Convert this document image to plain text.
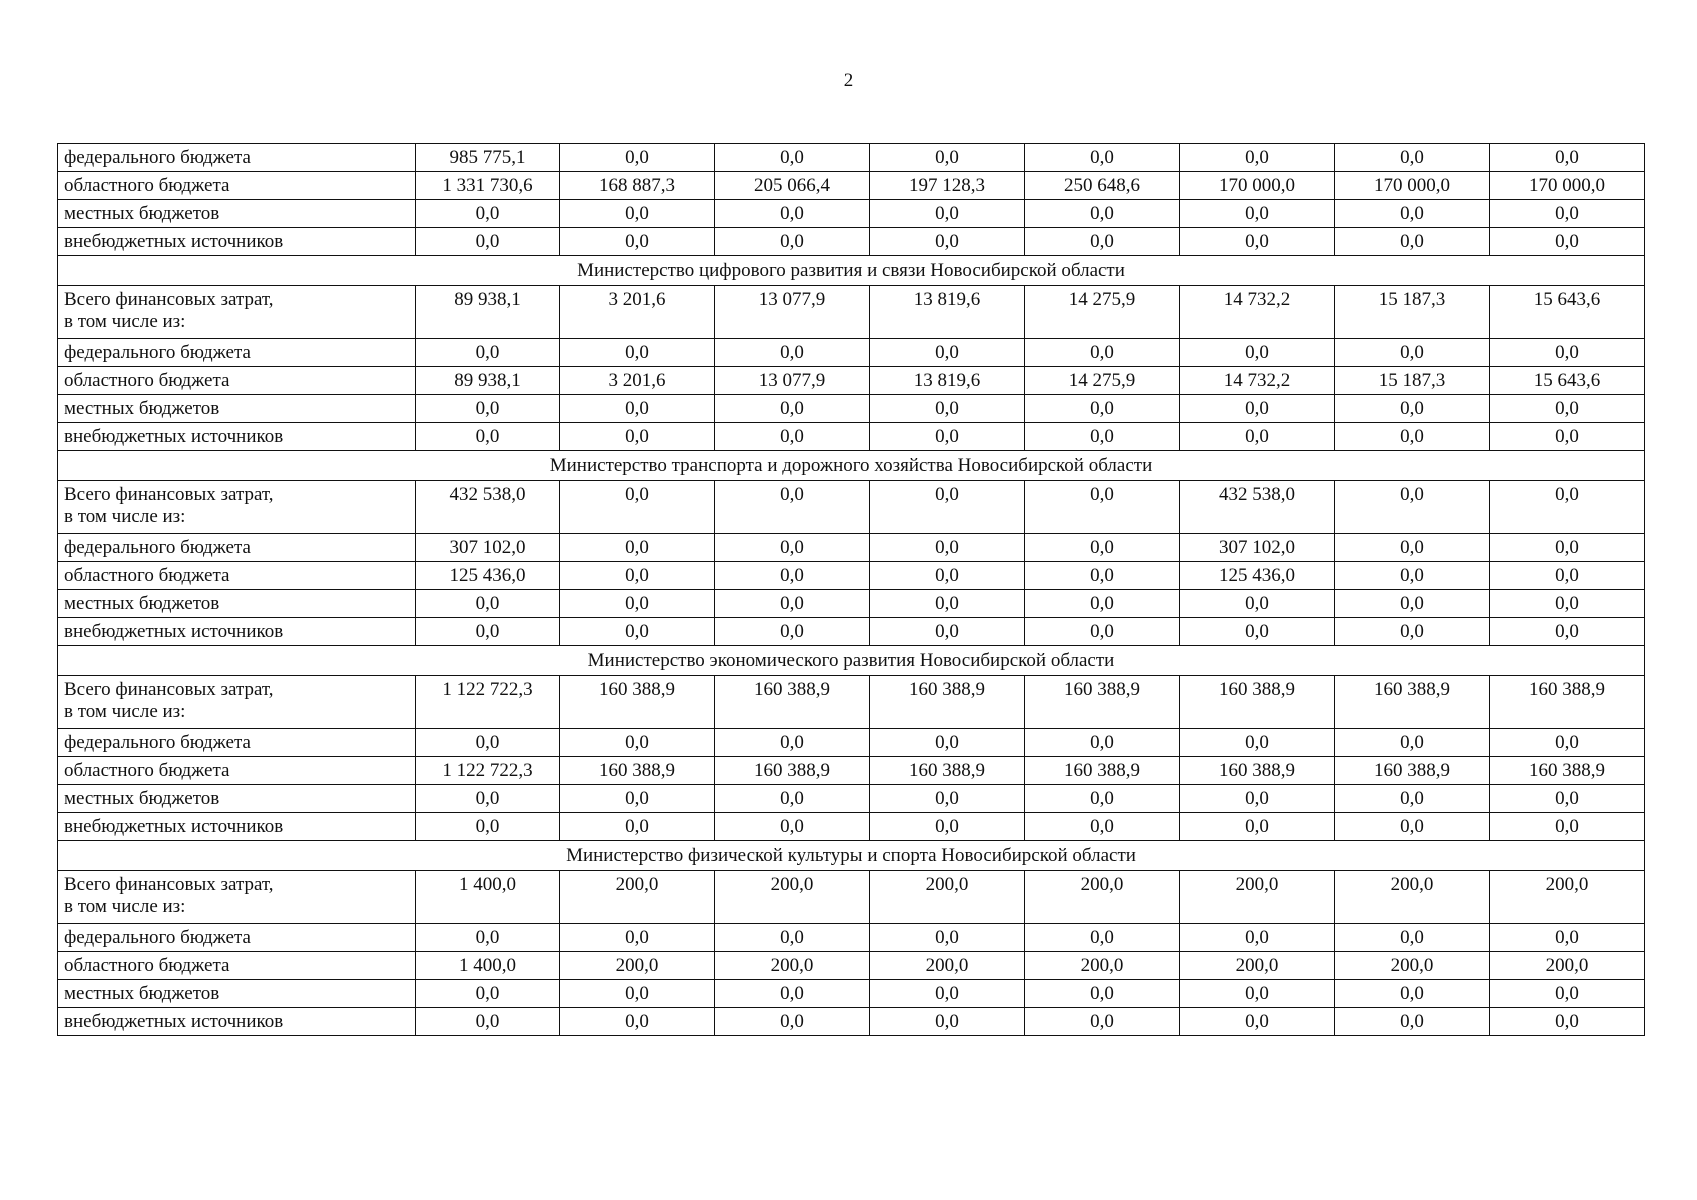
2
федерального бюджета	985 775,1	0,0	0,0	0,0	0,0	0,0	0,0	0,0
областного бюджета	1 331 730,6	168 887,3	205 066,4	197 128,3	250 648,6	170 000,0	170 000,0	170 000,0
местных бюджетов	0,0	0,0	0,0	0,0	0,0	0,0	0,0	0,0
внебюджетных источников	0,0	0,0	0,0	0,0	0,0	0,0	0,0	0,0
Министерство цифрового развития и связи Новосибирской области								

Всего финансовых затрат,
в том числе из:	89 938,1	3 201,6	13 077,9	13 819,6	14 275,9	14 732,2	15 187,3	15 643,6
федерального бюджета	0,0	0,0	0,0	0,0	0,0	0,0	0,0	0,0
областного бюджета	89 938,1	3 201,6	13 077,9	13 819,6	14 275,9	14 732,2	15 187,3	15 643,6
местных бюджетов	0,0	0,0	0,0	0,0	0,0	0,0	0,0	0,0
внебюджетных источников	0,0	0,0	0,0	0,0	0,0	0,0	0,0	0,0
Министерство транспорта и дорожного хозяйства Новосибирской области								

Всего финансовых затрат,
в том числе из:	432 538,0	0,0	0,0	0,0	0,0	432 538,0	0,0	0,0
федерального бюджета	307 102,0	0,0	0,0	0,0	0,0	307 102,0	0,0	0,0
областного бюджета	125 436,0	0,0	0,0	0,0	0,0	125 436,0	0,0	0,0
местных бюджетов	0,0	0,0	0,0	0,0	0,0	0,0	0,0	0,0
внебюджетных источников	0,0	0,0	0,0	0,0	0,0	0,0	0,0	0,0
Министерство экономического развития Новосибирской области								

Всего финансовых затрат,
в том числе из:	1 122 722,3	160 388,9	160 388,9	160 388,9	160 388,9	160 388,9	160 388,9	160 388,9
федерального бюджета	0,0	0,0	0,0	0,0	0,0	0,0	0,0	0,0
областного бюджета	1 122 722,3	160 388,9	160 388,9	160 388,9	160 388,9	160 388,9	160 388,9	160 388,9
местных бюджетов	0,0	0,0	0,0	0,0	0,0	0,0	0,0	0,0
внебюджетных источников	0,0	0,0	0,0	0,0	0,0	0,0	0,0	0,0
Министерство физической культуры и спорта Новосибирской области								

Всего финансовых затрат,
в том числе из:	1 400,0	200,0	200,0	200,0	200,0	200,0	200,0	200,0
федерального бюджета	0,0	0,0	0,0	0,0	0,0	0,0	0,0	0,0
областного бюджета	1 400,0	200,0	200,0	200,0	200,0	200,0	200,0	200,0
местных бюджетов	0,0	0,0	0,0	0,0	0,0	0,0	0,0	0,0
внебюджетных источников	0,0	0,0	0,0	0,0	0,0	0,0	0,0	0,0
